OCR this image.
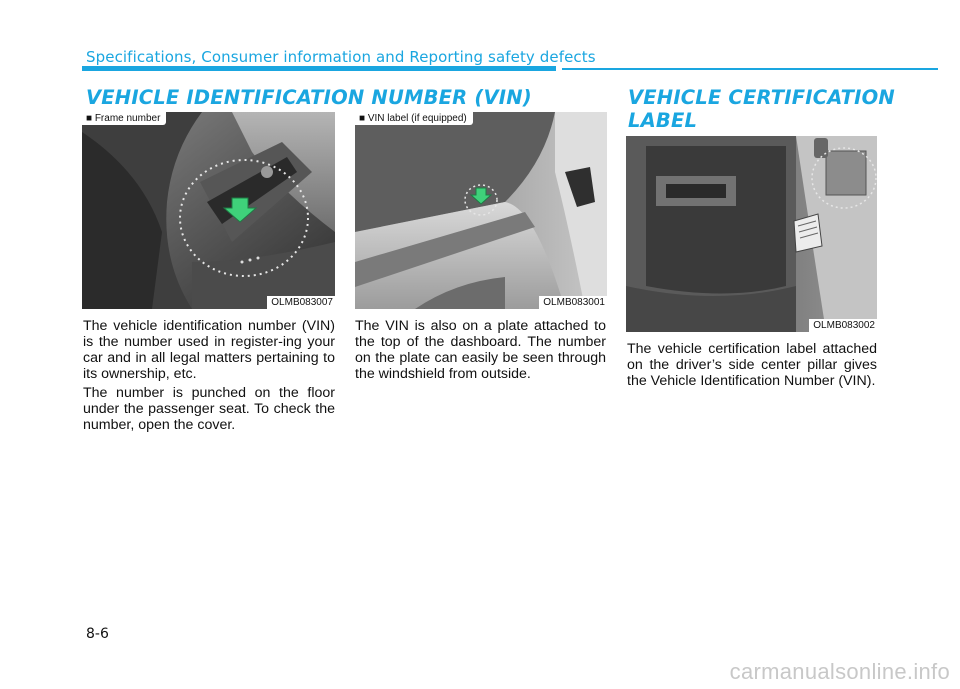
Specifications, Consumer information and Reporting safety defects
VEHICLE IDENTIFICATION NUMBER (VIN)
■ Frame number
OLMB083007
■ VIN label (if equipped)
OLMB083001

The vehicle identification number (VIN) is the number used in register-ing your car and in all legal matters pertaining to its ownership, etc.

The number is punched on the floor under the passenger seat. To check the number, open the cover.

The VIN is also on a plate attached to the top of the dashboard. The number on the plate can easily be seen through the windshield from outside.

VEHICLE CERTIFICATION
LABEL
OLMB083002

The vehicle certification label attached on the driver’s side center pillar gives the Vehicle Identification Number (VIN).

8-6
carmanualsonline.info
